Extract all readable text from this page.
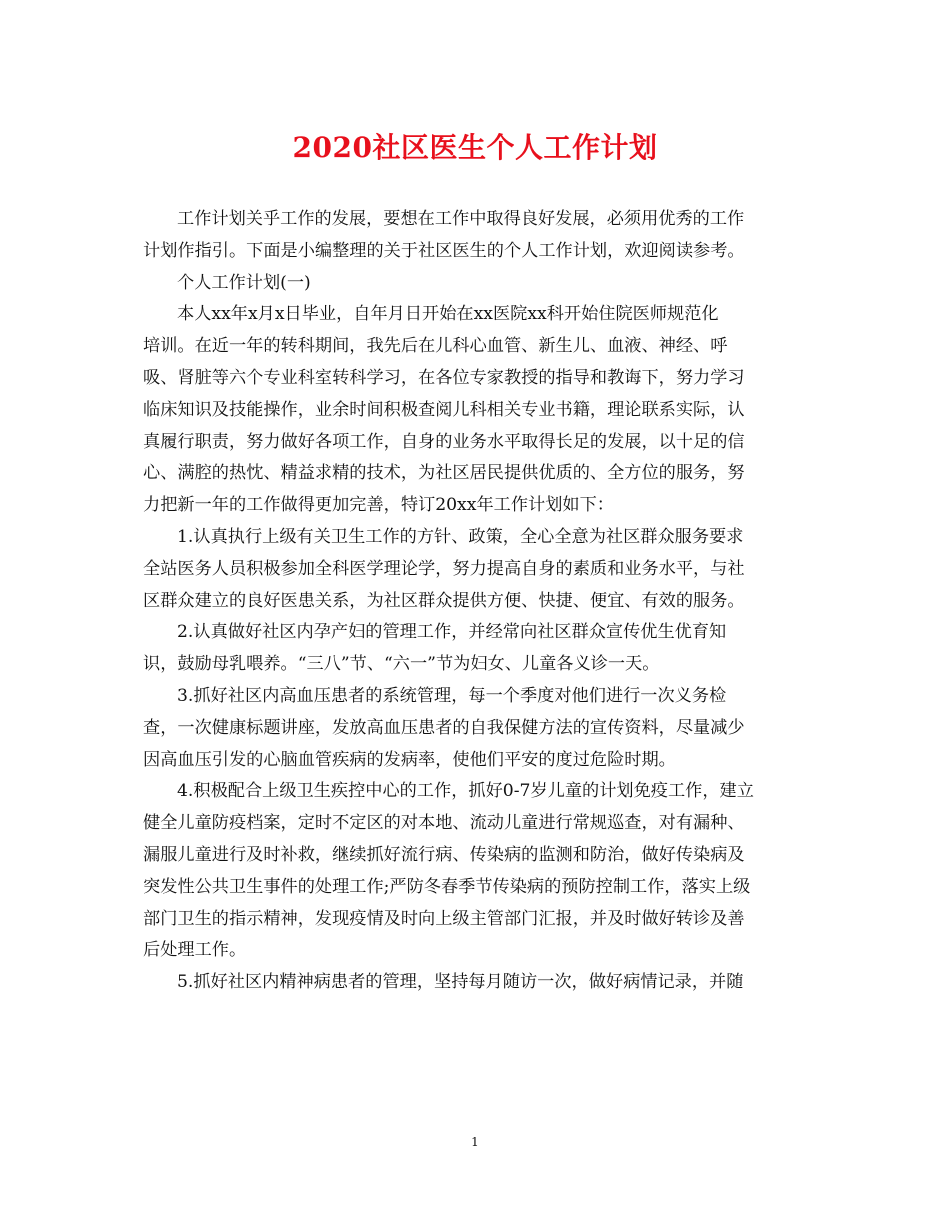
2020社区医生个人工作计划
工作计划关乎工作的发展，要想在工作中取得良好发展，必须用优秀的工作
计划作指引。下面是小编整理的关于社区医生的个人工作计划，欢迎阅读参考。
个人工作计划(一)
本人xx年x月x日毕业，自年月日开始在xx医院xx科开始住院医师规范化
培训。在近一年的转科期间，我先后在儿科心血管、新生儿、血液、神经、呼
吸、肾脏等六个专业科室转科学习，在各位专家教授的指导和教诲下，努力学习
临床知识及技能操作，业余时间积极查阅儿科相关专业书籍，理论联系实际，认
真履行职责，努力做好各项工作，自身的业务水平取得长足的发展，以十足的信
心、满腔的热忱、精益求精的技术，为社区居民提供优质的、全方位的服务，努
力把新一年的工作做得更加完善，特订20xx年工作计划如下：
1.认真执行上级有关卫生工作的方针、政策，全心全意为社区群众服务要求
全站医务人员积极参加全科医学理论学，努力提高自身的素质和业务水平，与社
区群众建立的良好医患关系，为社区群众提供方便、快捷、便宜、有效的服务。
2.认真做好社区内孕产妇的管理工作，并经常向社区群众宣传优生优育知
识，鼓励母乳喂养。“三八”节、“六一”节为妇女、儿童各义诊一天。
3.抓好社区内高血压患者的系统管理，每一个季度对他们进行一次义务检
查，一次健康标题讲座，发放高血压患者的自我保健方法的宣传资料，尽量减少
因高血压引发的心脑血管疾病的发病率，使他们平安的度过危险时期。
4.积极配合上级卫生疾控中心的工作，抓好0-7岁儿童的计划免疫工作，建立
健全儿童防疫档案，定时不定区的对本地、流动儿童进行常规巡查，对有漏种、
漏服儿童进行及时补救，继续抓好流行病、传染病的监测和防治，做好传染病及
突发性公共卫生事件的处理工作;严防冬春季节传染病的预防控制工作，落实上级
部门卫生的指示精神，发现疫情及时向上级主管部门汇报，并及时做好转诊及善
后处理工作。
5.抓好社区内精神病患者的管理，坚持每月随访一次，做好病情记录，并随
1
